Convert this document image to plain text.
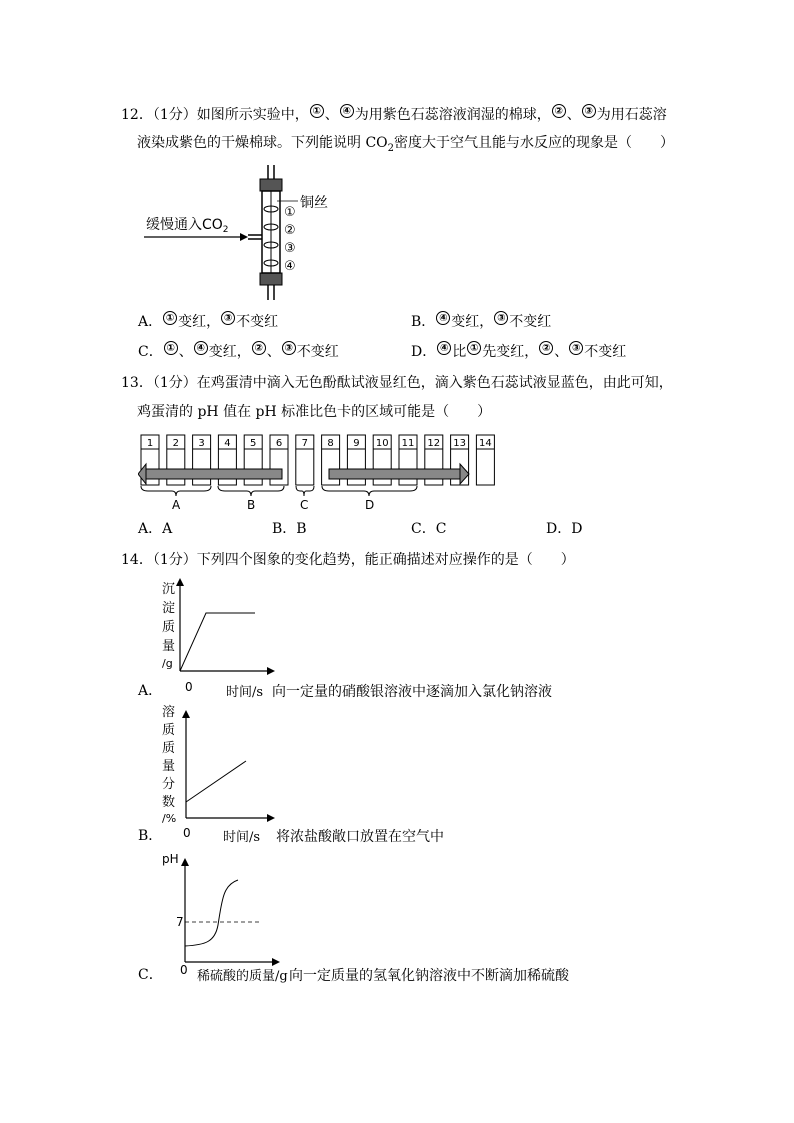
12．（1分）如图所示实验中， ① 、 ④ 为用紫色石蕊溶液润湿的棉球， ② 、 ③ 为用石蕊溶
液染成紫色的干燥棉球。下列能说明 $CO_2$密度大于空气且能与水反应的现象是（　　）
缓慢通入$CO_2$
铜丝
①
②
③
④
A． ① 变红， ③ 不变红	B． ④ 变红， ③ 不变红
C． ① 、 ④ 变红， ② 、 ③ 不变红	D． ④ 比 ① 先变红， ② 、 ③ 不变红
13．（1分）在鸡蛋清中滴入无色酚酞试液显红色，滴入紫色石蕊试液显蓝色，由此可知，
鸡蛋清的 pH 值在 pH 标准比色卡的区域可能是（　　）
1 2 3 4 5 6 7 8 9 10 11 12 13 14
A	B	C	D
A．A	B．B	C．C	D．D
14．（1分）下列四个图象的变化趋势，能正确描述对应操作的是（　　）
沉
淀
质
量
/g
0
A．	时间/s 向一定量的硝酸银溶液中逐滴加入氯化钠溶液
溶
质
质
量
分
数
/%
0
B．	时间/s 将浓盐酸敞口放置在空气中
pH
7
0
C．	稀硫酸的质量/g 向一定质量的氢氧化钠溶液中不断滴加稀硫酸
